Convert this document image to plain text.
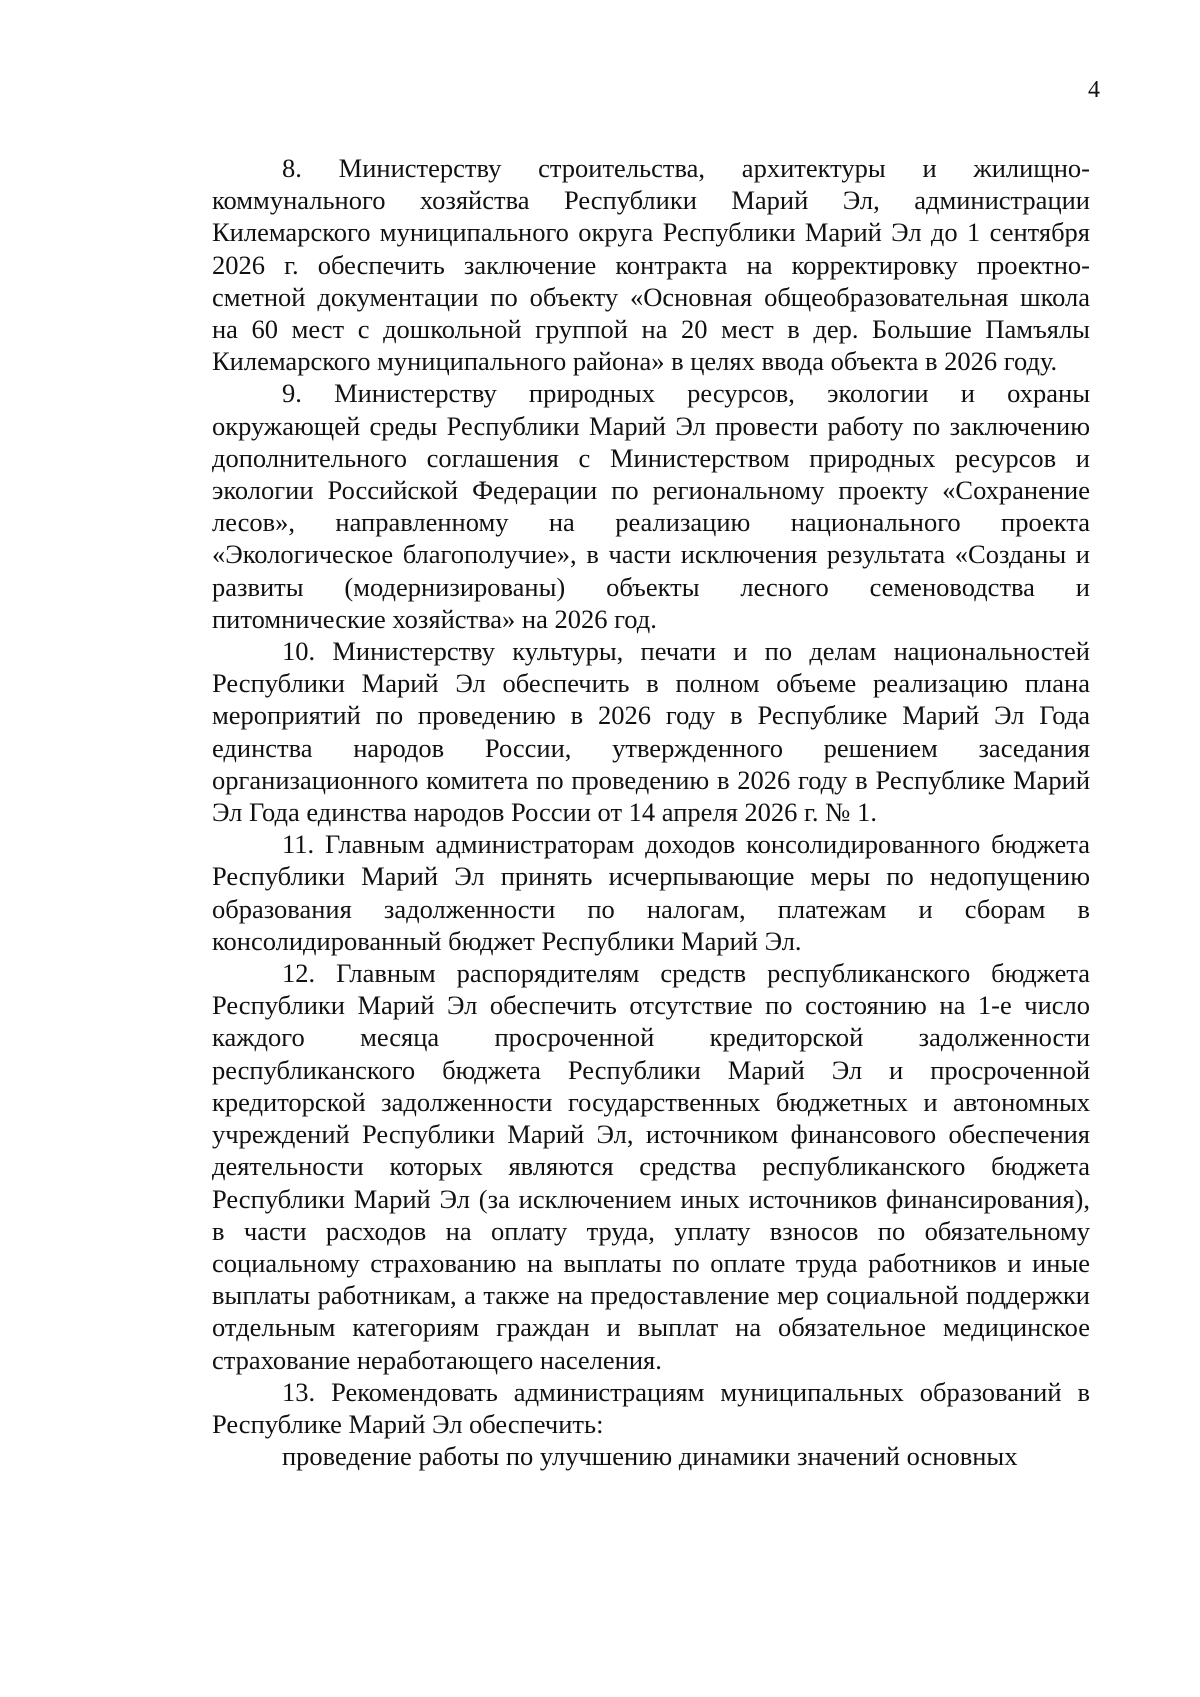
4

8. Министерству строительства, архитектуры и жилищно-коммунального хозяйства Республики Марий Эл, администрации Килемарского муниципального округа Республики Марий Эл до 1 сентября 2026 г. обеспечить заключение контракта на корректировку проектно-сметной документации по объекту «Основная общеобразовательная школа на 60 мест с дошкольной группой на 20 мест в дер. Большие Памъялы Килемарского муниципального района» в целях ввода объекта в 2026 году.

9. Министерству природных ресурсов, экологии и охраны окружающей среды Республики Марий Эл провести работу по заключению дополнительного соглашения с Министерством природных ресурсов и экологии Российской Федерации по региональному проекту «Сохранение лесов», направленному на реализацию национального проекта «Экологическое благополучие», в части исключения результата «Созданы и развиты (модернизированы) объекты лесного семеноводства и питомнические хозяйства» на 2026 год.

10. Министерству культуры, печати и по делам национальностей Республики Марий Эл обеспечить в полном объеме реализацию плана мероприятий по проведению в 2026 году в Республике Марий Эл Года единства народов России, утвержденного решением заседания организационного комитета по проведению в 2026 году в Республике Марий Эл Года единства народов России от 14 апреля 2026 г. № 1.

11. Главным администраторам доходов консолидированного бюджета Республики Марий Эл принять исчерпывающие меры по недопущению образования задолженности по налогам, платежам и сборам в консолидированный бюджет Республики Марий Эл.

12. Главным распорядителям средств республиканского бюджета Республики Марий Эл обеспечить отсутствие по состоянию на 1-е число каждого месяца просроченной кредиторской задолженности республиканского бюджета Республики Марий Эл и просроченной кредиторской задолженности государственных бюджетных и автономных учреждений Республики Марий Эл, источником финансового обеспечения деятельности которых являются средства республиканского бюджета Республики Марий Эл (за исключением иных источников финансирования), в части расходов на оплату труда, уплату взносов по обязательному социальному страхованию на выплаты по оплате труда работников и иные выплаты работникам, а также на предоставление мер социальной поддержки отдельным категориям граждан и выплат на обязательное медицинское страхование неработающего населения.

13. Рекомендовать администрациям муниципальных образований в Республике Марий Эл обеспечить:

проведение работы по улучшению динамики значений основных
